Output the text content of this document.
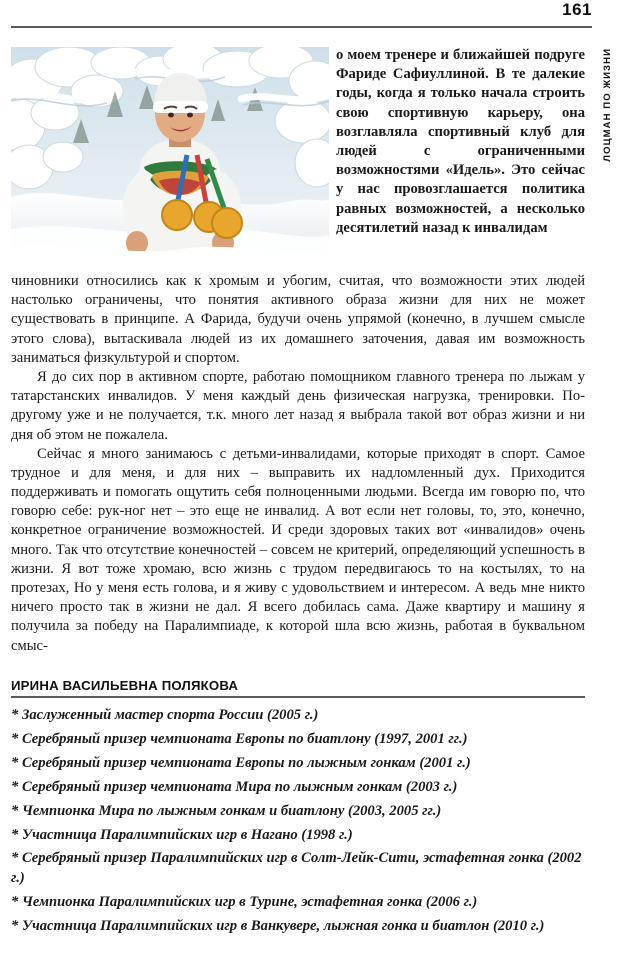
161
ЛОЦМАН ПО ЖИЗНИ
о моем тренере и ближайшей подруге Фариде Сафиуллиной. В те далекие годы, когда я только начала строить свою спортивную карьеру, она возглавляла спортивный клуб для людей с ограниченными возможностями «Идель». Это сейчас у нас провозглашается политика равных возможностей, а несколько десятилетий назад к инвалидам

чиновники относились как к хромым и убогим, считая, что возможности этих людей настолько ограничены, что понятия активного образа жизни для них не может существовать в принципе. А Фарида, будучи очень упрямой (конечно, в лучшем смысле этого слова), вытаскивала людей из их домашнего заточения, давая им возможность заниматься физкультурой и спортом.

Я до сих пор в активном спорте, работаю помощником главного тренера по лыжам у татарстанских инвалидов. У меня каждый день физическая нагрузка, тренировки. По-другому уже и не получается, т.к. много лет назад я выбрала такой вот образ жизни и ни дня об этом не пожалела.

Сейчас я много занимаюсь с детьми-инвалидами, которые приходят в спорт. Самое трудное и для меня, и для них – выправить их надломленный дух. Приходится поддерживать и помогать ощутить себя полноценными людьми. Всегда им говорю по, что говорю себе: рук-ног нет – это еще не инвалид. А вот если нет головы, то, это, конечно, конкретное ограничение возможностей. И среди здоровых таких вот «инвалидов» очень много. Так что отсутствие конечностей – совсем не критерий, определяющий успешность в жизни. Я вот тоже хромаю, всю жизнь с трудом передвигаюсь то на костылях, то на протезах, Но у меня есть голова, и я живу с удовольствием и интересом. А ведь мне никто ничего просто так в жизни не дал. Я всего добилась сама. Даже квартиру и машину я получила за победу на Паралимпиаде, к которой шла всю жизнь, работая в буквальном смыс-

ИРИНА ВАСИЛЬЕВНА ПОЛЯКОВА
* Заслуженный мастер спорта России (2005 г.)
* Серебряный призер чемпионата Европы по биатлону (1997, 2001 гг.)
* Серебряный призер чемпионата Европы по лыжным гонкам (2001 г.)
* Серебряный призер чемпионата Мира по лыжным гонкам (2003 г.)
* Чемпионка Мира по лыжным гонкам и биатлону (2003, 2005 гг.)
* Участница Паралимпийских игр в Нагано (1998 г.)
* Серебряный призер Паралимпийских игр в Солт-Лейк-Сити, эстафетная гонка (2002 г.)
* Чемпионка Паралимпийских игр в Турине, эстафетная гонка (2006 г.)
* Участница Паралимпийских игр в Ванкувере, лыжная гонка и биатлон (2010 г.)
